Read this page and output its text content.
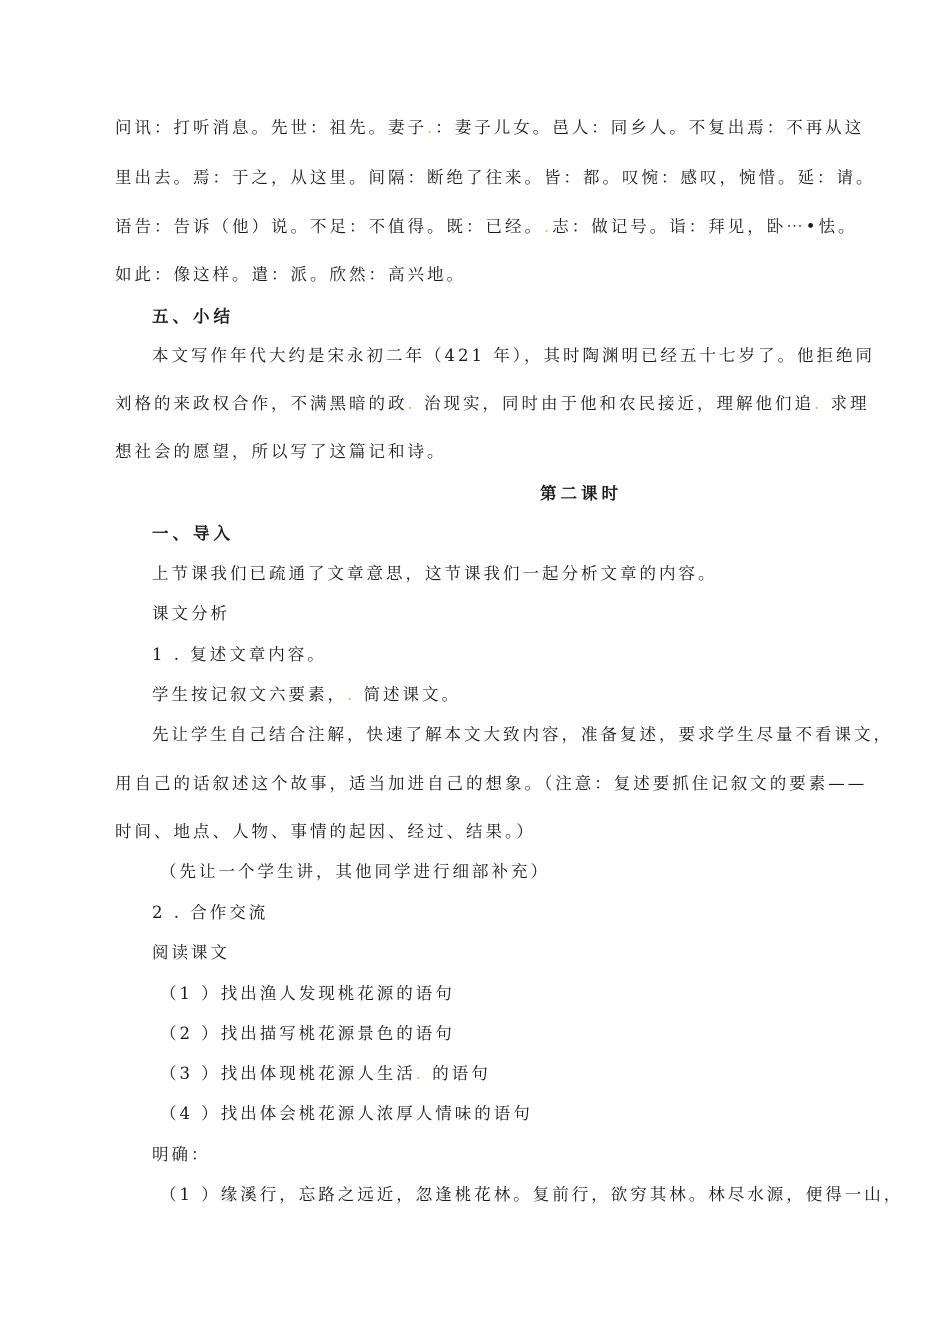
问讯：打听消息。先世：祖先。妻子.：妻子儿女。邑人：同乡人。不复出焉：不再从这
里出去。焉：于之，从这里。间隔：断绝了往来。皆：都。叹惋：感叹，惋惜。延：请。
语告：告诉（他）说。不足：不值得。既：已经。.志：做记号。诣：拜见，卧⋯•怯。
如此：像这样。遣：派。欣然：高兴地。
五、小结
本文写作年代大约是宋永初二年（421 年），其时陶渊明已经五十七岁了。他拒绝同
刘格的来政权合作，不满黑暗的政. 治现实，同时由于他和农民接近，理解他们追. 求理
想社会的愿望，所以写了这篇记和诗。
第二课时
一、导入
上节课我们已疏通了文章意思，这节课我们一起分析文章的内容。
课文分析
1 . 复述文章内容。
学生按记叙文六要素，. 简述课文。
先让学生自己结合注解，快速了解本文大致内容，准备复述，要求学生尽量不看课文，
用自己的话叙述这个故事，适当加进自己的想象。（注意：复述要抓住记叙文的要素——
时间、地点、人物、事情的起因、经过、结果。）
（先让一个学生讲，其他同学进行细部补充）
2 . 合作交流
阅读课文
（1 ）找出渔人发现桃花源的语句
（2 ）找出描写桃花源景色的语句
（3 ）找出体现桃花源人生活. 的语句
（4 ）找出体会桃花源人浓厚人情味的语句
明确：
（1 ）缘溪行，忘路之远近，忽逢桃花林。复前行，欲穷其林。林尽水源，便得一山，
